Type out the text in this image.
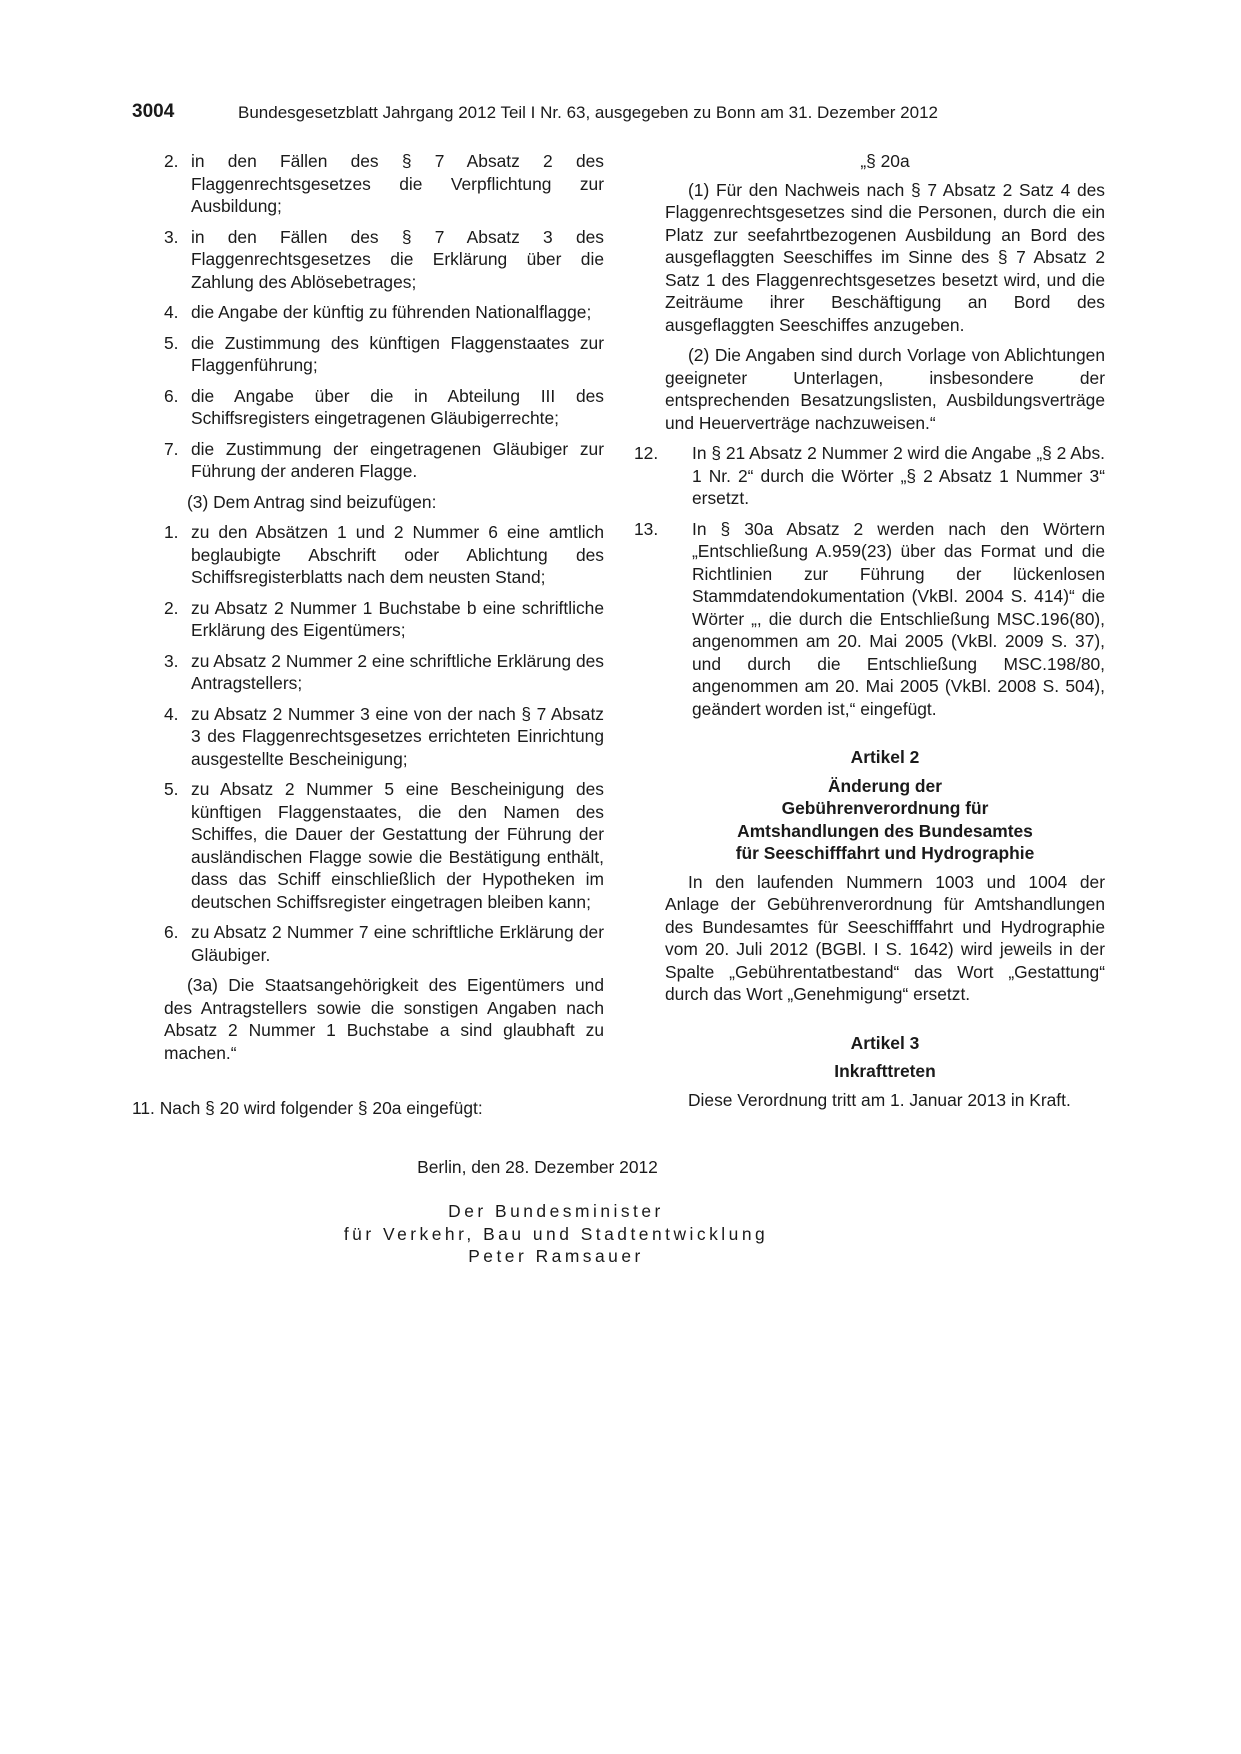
3004	Bundesgesetzblatt Jahrgang 2012 Teil I Nr. 63, ausgegeben zu Bonn am 31. Dezember 2012
2. in den Fällen des § 7 Absatz 2 des Flaggenrechtsgesetzes die Verpflichtung zur Ausbildung;
3. in den Fällen des § 7 Absatz 3 des Flaggenrechtsgesetzes die Erklärung über die Zahlung des Ablösebetrages;
4. die Angabe der künftig zu führenden Nationalflagge;
5. die Zustimmung des künftigen Flaggenstaates zur Flaggenführung;
6. die Angabe über die in Abteilung III des Schiffsregisters eingetragenen Gläubigerrechte;
7. die Zustimmung der eingetragenen Gläubiger zur Führung der anderen Flagge.
(3) Dem Antrag sind beizufügen:
1. zu den Absätzen 1 und 2 Nummer 6 eine amtlich beglaubigte Abschrift oder Ablichtung des Schiffsregisterblatts nach dem neusten Stand;
2. zu Absatz 2 Nummer 1 Buchstabe b eine schriftliche Erklärung des Eigentümers;
3. zu Absatz 2 Nummer 2 eine schriftliche Erklärung des Antragstellers;
4. zu Absatz 2 Nummer 3 eine von der nach § 7 Absatz 3 des Flaggenrechtsgesetzes errichteten Einrichtung ausgestellte Bescheinigung;
5. zu Absatz 2 Nummer 5 eine Bescheinigung des künftigen Flaggenstaates, die den Namen des Schiffes, die Dauer der Gestattung der Führung der ausländischen Flagge sowie die Bestätigung enthält, dass das Schiff einschließlich der Hypotheken im deutschen Schiffsregister eingetragen bleiben kann;
6. zu Absatz 2 Nummer 7 eine schriftliche Erklärung der Gläubiger.
(3a) Die Staatsangehörigkeit des Eigentümers und des Antragstellers sowie die sonstigen Angaben nach Absatz 2 Nummer 1 Buchstabe a sind glaubhaft zu machen.“
11. Nach § 20 wird folgender § 20a eingefügt:
„§ 20a
(1) Für den Nachweis nach § 7 Absatz 2 Satz 4 des Flaggenrechtsgesetzes sind die Personen, durch die ein Platz zur seefahrtbezogenen Ausbildung an Bord des ausgeflaggten Seeschiffes im Sinne des § 7 Absatz 2 Satz 1 des Flaggenrechtsgesetzes besetzt wird, und die Zeiträume ihrer Beschäftigung an Bord des ausgeflaggten Seeschiffes anzugeben.
(2) Die Angaben sind durch Vorlage von Ablichtungen geeigneter Unterlagen, insbesondere der entsprechenden Besatzungslisten, Ausbildungsverträge und Heuerverträge nachzuweisen.“
12. In § 21 Absatz 2 Nummer 2 wird die Angabe „§ 2 Abs. 1 Nr. 2“ durch die Wörter „§ 2 Absatz 1 Nummer 3“ ersetzt.
13. In § 30a Absatz 2 werden nach den Wörtern „Entschließung A.959(23) über das Format und die Richtlinien zur Führung der lückenlosen Stammdatendokumentation (VkBl. 2004 S. 414)“ die Wörter „, die durch die Entschließung MSC.196(80), angenommen am 20. Mai 2005 (VkBl. 2009 S. 37), und durch die Entschließung MSC.198/80, angenommen am 20. Mai 2005 (VkBl. 2008 S. 504), geändert worden ist,“ eingefügt.
Artikel 2
Änderung der
Gebührenverordnung für
Amtshandlungen des Bundesamtes
für Seeschifffahrt und Hydrographie
In den laufenden Nummern 1003 und 1004 der Anlage der Gebührenverordnung für Amtshandlungen des Bundesamtes für Seeschifffahrt und Hydrographie vom 20. Juli 2012 (BGBl. I S. 1642) wird jeweils in der Spalte „Gebührentatbestand“ das Wort „Gestattung“ durch das Wort „Genehmigung“ ersetzt.
Artikel 3
Inkrafttreten
Diese Verordnung tritt am 1. Januar 2013 in Kraft.
Berlin, den 28. Dezember 2012
Der Bundesminister
für Verkehr, Bau und Stadtentwicklung
Peter Ramsauer
